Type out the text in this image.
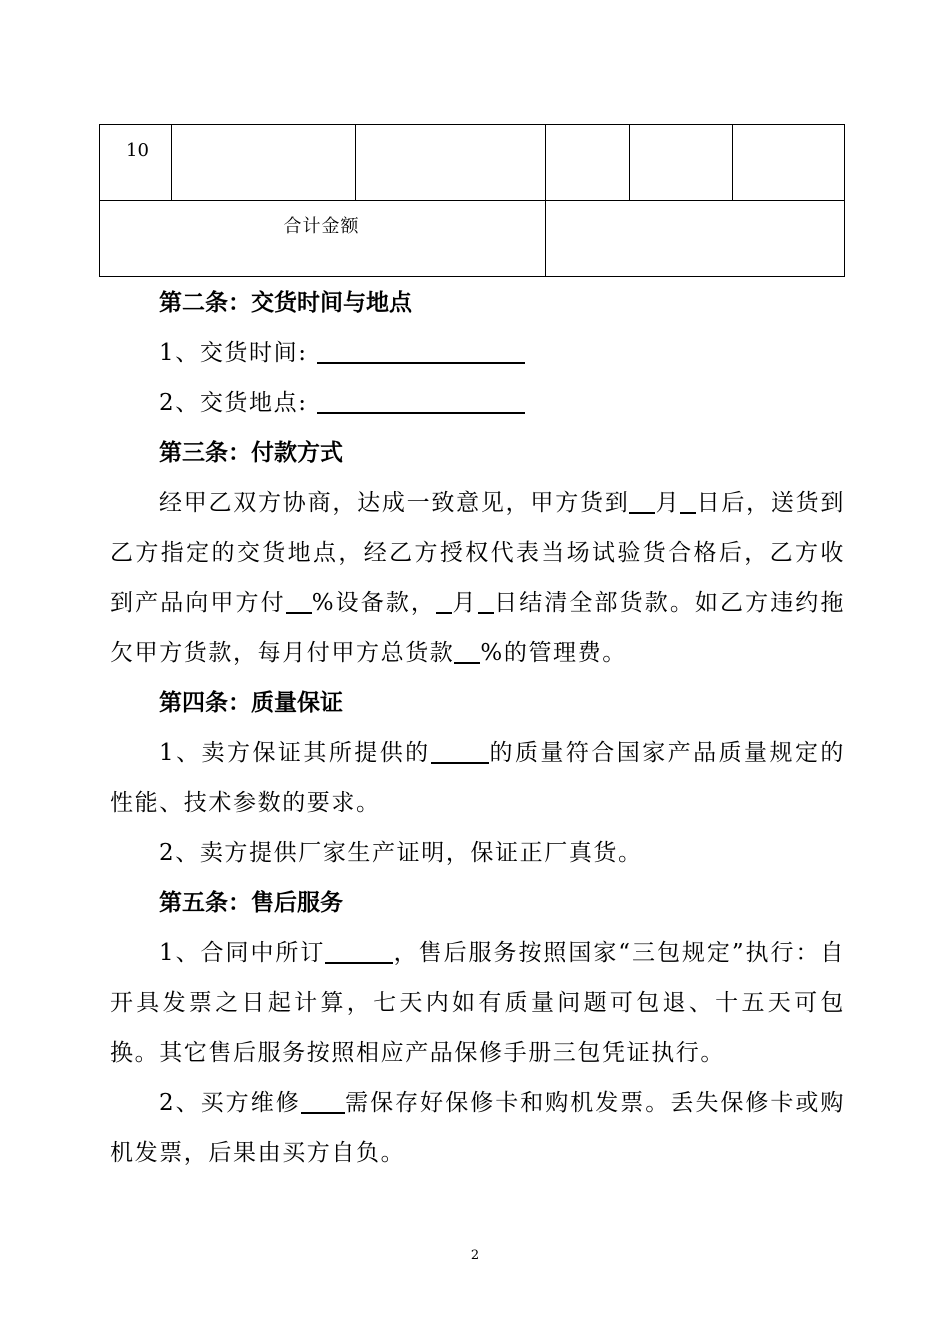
10					
合计金额					

第二条：交货时间与地点

1、交货时间:

2、交货地点:

第三条：付款方式

经甲乙双方协商，达成一致意见，甲方货到 月 日后，送货到乙方指定的交货地点，经乙方授权代表当场试验货合格后，乙方收到产品向甲方付 %设备款， 月 日结清全部货款。如乙方违约拖欠甲方货款，每月付甲方总货款 %的管理费。

第四条：质量保证

1、卖方保证其所提供的	的质量符合国家产品质量规定的性能、技术参数的要求。

2、卖方提供厂家生产证明，保证正厂真货。

第五条：售后服务

1、合同中所订	，售后服务按照国家“三包规定”执行：自开具发票之日起计算，七天内如有质量问题可包退、十五天可包换。其它售后服务按照相应产品保修手册三包凭证执行。

2、买方维修 需保存好保修卡和购机发票。丢失保修卡或购机发票，后果由买方自负。

2
